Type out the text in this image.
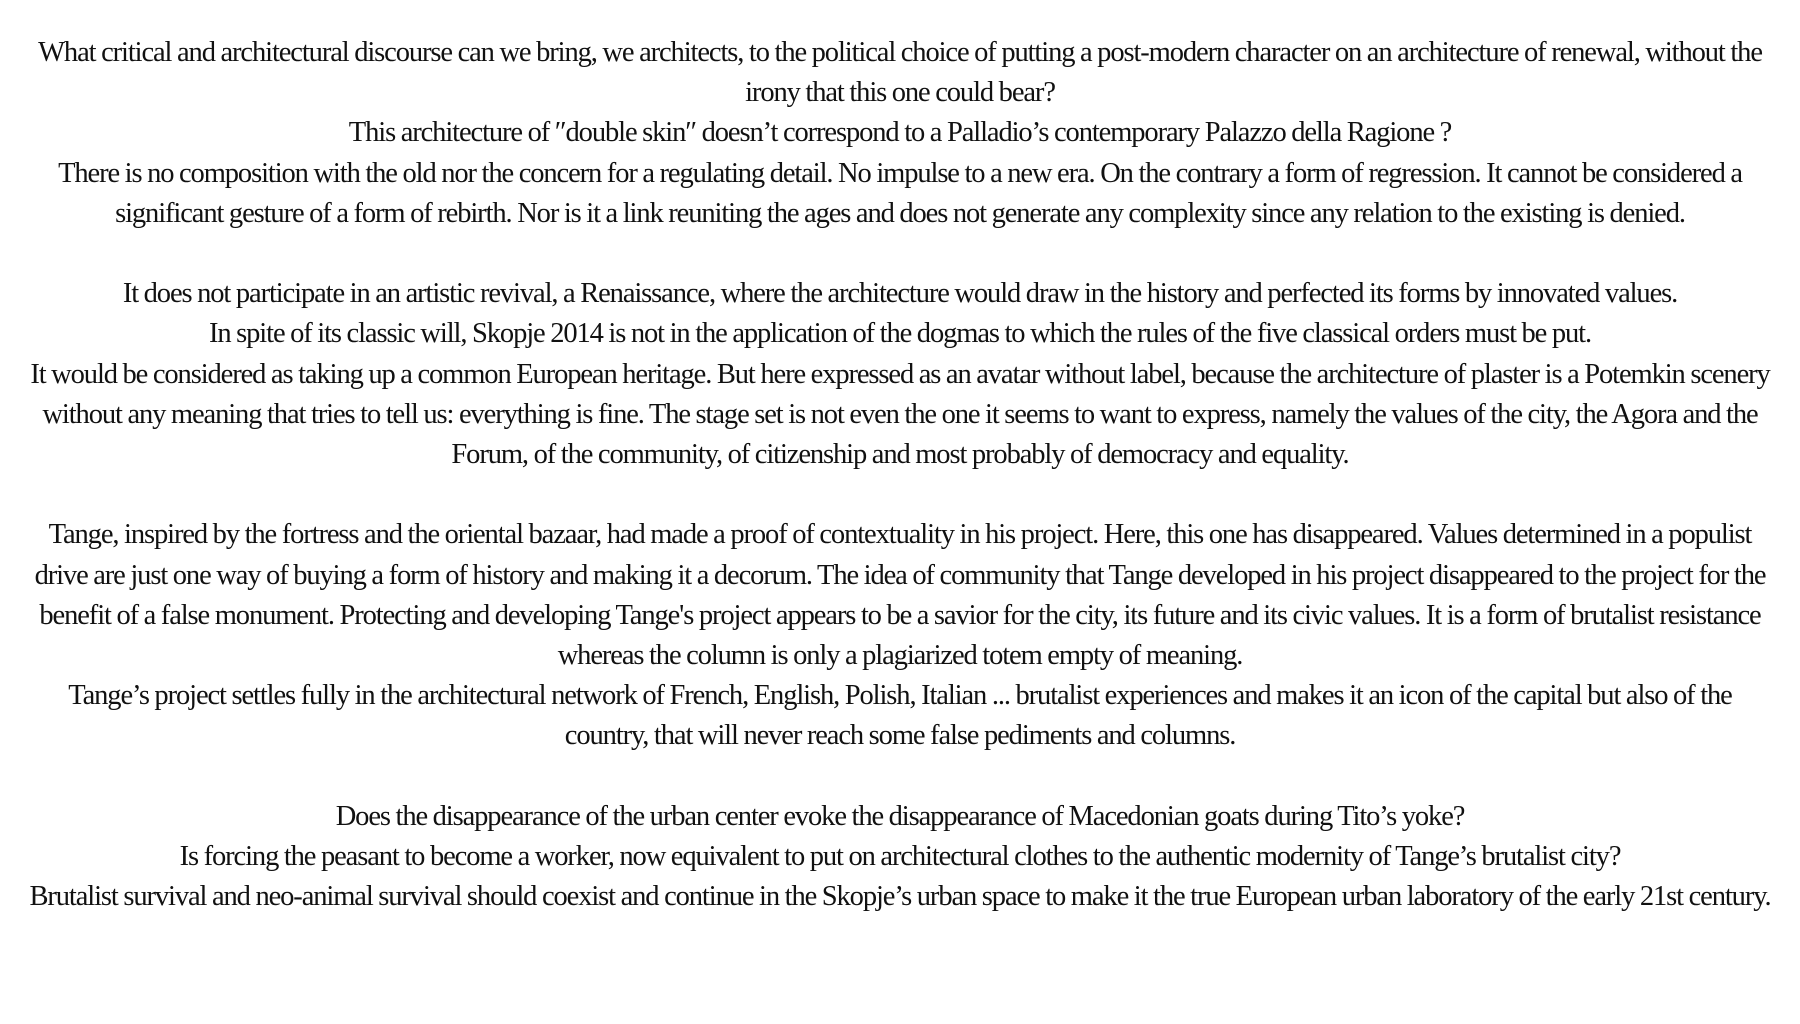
What critical and architectural discourse can we bring, we architects, to the political choice of putting a post-modern character on an architecture of renewal, without the irony that this one could bear?
This architecture of ″double skin″ doesn’t correspond to a Palladio’s contemporary Palazzo della Ragione ?
There is no composition with the old nor the concern for a regulating detail. No impulse to a new era. On the contrary a form of regression. It cannot be considered a significant gesture of a form of rebirth. Nor is it a link reuniting the ages and does not generate any complexity since any relation to the existing is denied.

It does not participate in an artistic revival, a Renaissance, where the architecture would draw in the history and perfected its forms by innovated values.
In spite of its classic will, Skopje 2014 is not in the application of the dogmas to which the rules of the five classical orders must be put.
It would be considered as taking up a common European heritage. But here expressed as an avatar without label, because the architecture of plaster is a Potemkin scenery without any meaning that tries to tell us: everything is fine. The stage set is not even the one it seems to want to express, namely the values of the city, the Agora and the Forum, of the community, of citizenship and most probably of democracy and equality.

Tange, inspired by the fortress and the oriental bazaar, had made a proof of contextuality in his project. Here, this one has disappeared. Values determined in a populist drive are just one way of buying a form of history and making it a decorum. The idea of community that Tange developed in his project disappeared to the project for the benefit of a false monument. Protecting and developing Tange's project appears to be a savior for the city, its future and its civic values. It is a form of brutalist resistance whereas the column is only a plagiarized totem empty of meaning.
Tange’s project settles fully in the architectural network of French, English, Polish, Italian ... brutalist experiences and makes it an icon of the capital but also of the country, that will never reach some false pediments and columns.

Does the disappearance of the urban center evoke the disappearance of Macedonian goats during Tito’s yoke?
Is forcing the peasant to become a worker, now equivalent to put on architectural clothes to the authentic modernity of Tange’s brutalist city?
Brutalist survival and neo-animal survival should coexist and continue in the Skopje’s urban space to make it the true European urban laboratory of the early 21st century.
